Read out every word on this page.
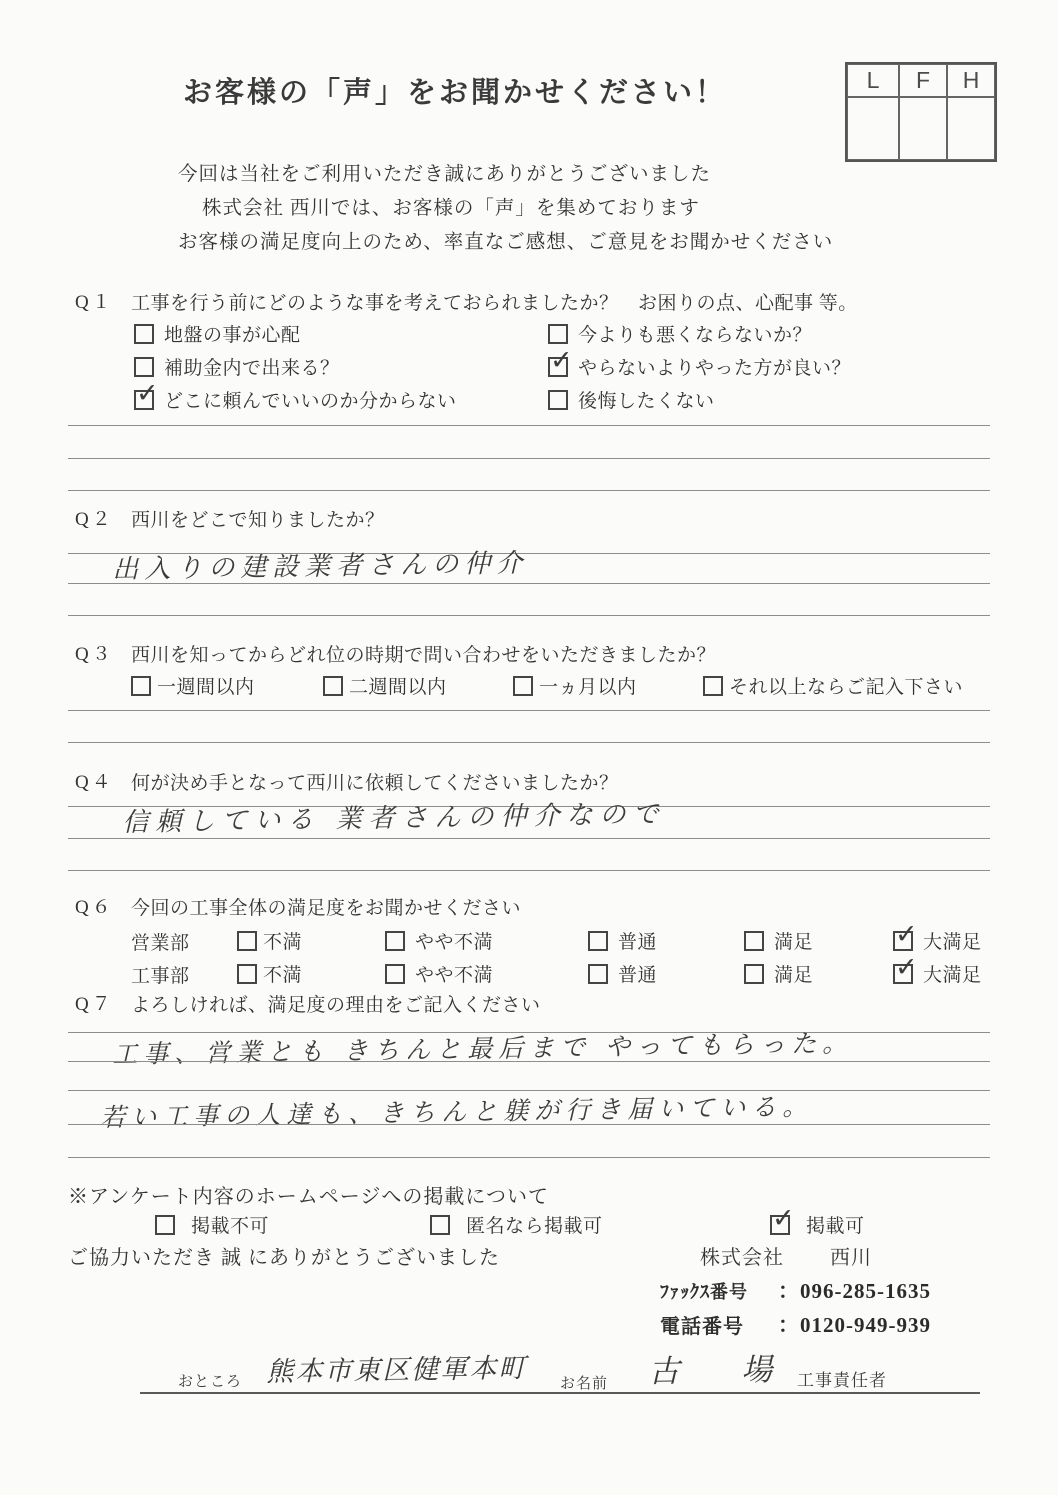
お客様の「声」をお聞かせください！	L	F	H

今回は当社をご利用いただき誠にありがとうございました

株式会社 西川では、お客様の「声」を集めております

お客様の満足度向上のため、率直なご感想、ご意見をお聞かせください

Q１ 工事を行う前にどのような事を考えておられましたか？　お困りの点、心配事 等。
地盤の事が心配	今よりも悪くならないか？
補助金内で出来る？	✓ やらないよりやった方が良い？
✓ どこに頼んでいいのか分からない	後悔したくない
Q２ 西川をどこで知りましたか？
出入りの建設業者さんの仲介
Q３ 西川を知ってからどれ位の時期で問い合わせをいただきましたか？
一週間以内	二週間以内	一ヵ月以内	それ以上ならご記入下さい
Q４ 何が決め手となって西川に依頼してくださいましたか？
信頼している 業者さんの仲介なので
Q６ 今回の工事全体の満足度をお聞かせください
営業部	不満	やや不満	普通	満足	✓ 大満足
工事部	不満	やや不満	普通	満足	✓ 大満足
Q７ よろしければ、満足度の理由をご記入ください
工事、営業とも きちんと最后まで やってもらった。
若い工事の人達も、きちんと躾が行き届いている。

※アンケート内容のホームページへの掲載について

掲載不可	匿名なら掲載可	✓ 掲載可

ご協力いただき 誠 にありがとうございました	株式会社 西川
ﾌｧｯｸｽ番号 ：096-285-1635
電話番号 ：0120-949-939
おところ 熊本市東区健軍本町 お名前 古 場
工事責任者
